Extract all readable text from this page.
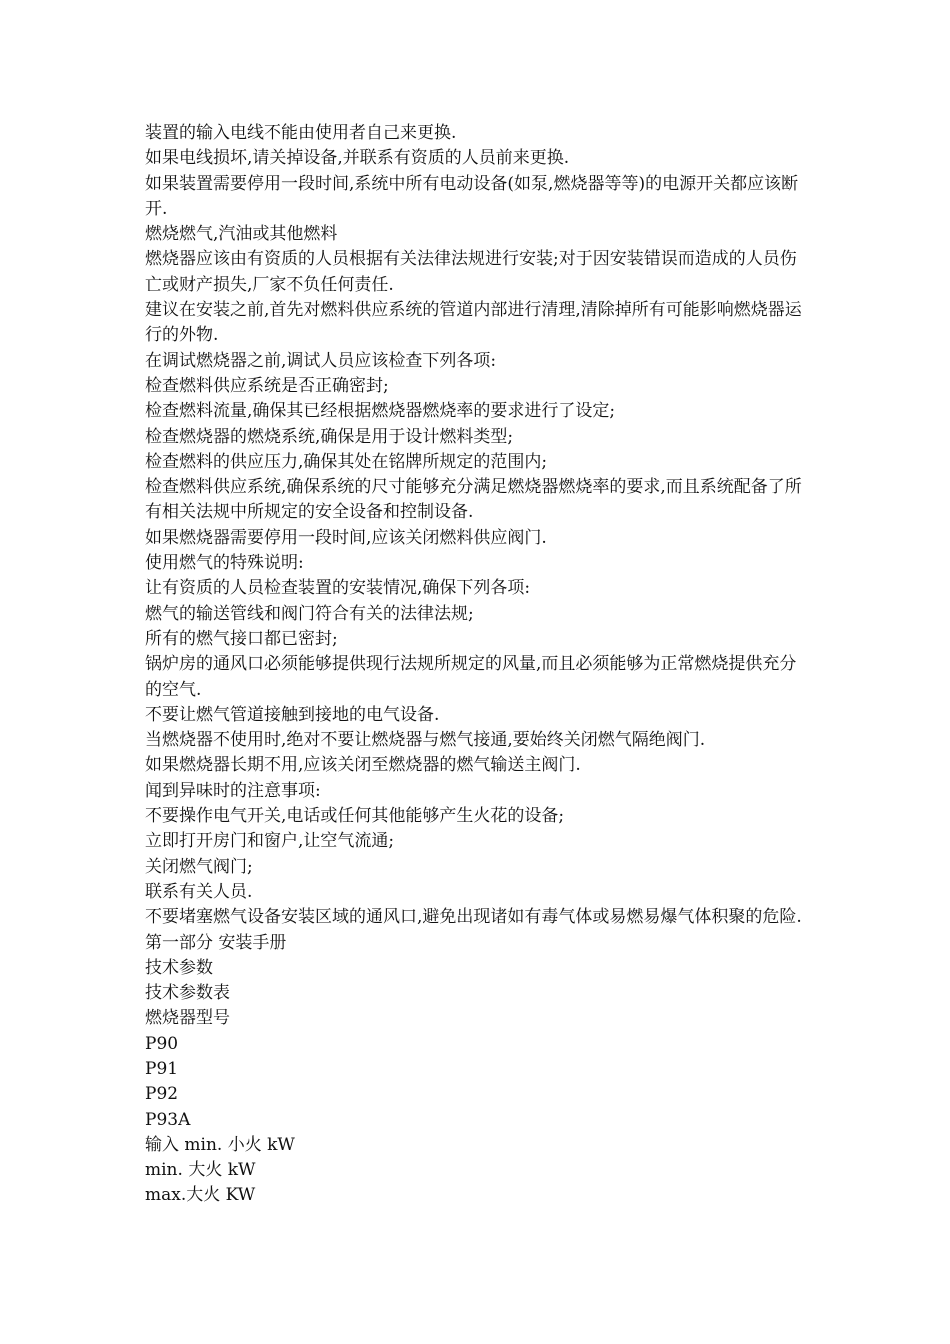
装置的输入电线不能由使用者自己来更换.

如果电线损坏,请关掉设备,并联系有资质的人员前来更换.

如果装置需要停用一段时间,系统中所有电动设备(如泵,燃烧器等等)的电源开关都应该断开.

燃烧燃气,汽油或其他燃料

燃烧器应该由有资质的人员根据有关法律法规进行安装;对于因安装错误而造成的人员伤亡或财产损失,厂家不负任何责任.

建议在安装之前,首先对燃料供应系统的管道内部进行清理,清除掉所有可能影响燃烧器运行的外物.

在调试燃烧器之前,调试人员应该检查下列各项:

检查燃料供应系统是否正确密封;

检查燃料流量,确保其已经根据燃烧器燃烧率的要求进行了设定;

检查燃烧器的燃烧系统,确保是用于设计燃料类型;

检查燃料的供应压力,确保其处在铭牌所规定的范围内;

检查燃料供应系统,确保系统的尺寸能够充分满足燃烧器燃烧率的要求,而且系统配备了所有相关法规中所规定的安全设备和控制设备.

如果燃烧器需要停用一段时间,应该关闭燃料供应阀门.

使用燃气的特殊说明:

让有资质的人员检查装置的安装情况,确保下列各项:

燃气的输送管线和阀门符合有关的法律法规;

所有的燃气接口都已密封;

锅炉房的通风口必须能够提供现行法规所规定的风量,而且必须能够为正常燃烧提供充分的空气.

不要让燃气管道接触到接地的电气设备.

当燃烧器不使用时,绝对不要让燃烧器与燃气接通,要始终关闭燃气隔绝阀门.

如果燃烧器长期不用,应该关闭至燃烧器的燃气输送主阀门.

闻到异味时的注意事项:

不要操作电气开关,电话或任何其他能够产生火花的设备;

立即打开房门和窗户,让空气流通;

关闭燃气阀门;

联系有关人员.

不要堵塞燃气设备安装区域的通风口,避免出现诸如有毒气体或易燃易爆气体积聚的危险.

第一部分 安装手册

技术参数

技术参数表

燃烧器型号

P90

P91

P92

P93A

输入 min. 小火 kW

min. 大火 kW

max.大火 KW
